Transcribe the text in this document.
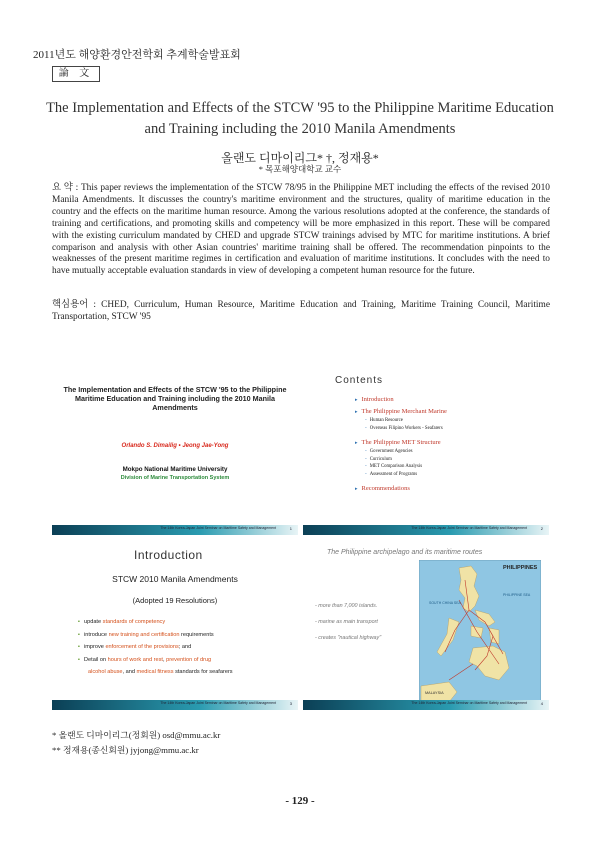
2011년도 해양환경안전학회 추계학술발표회
論 文
The Implementation and Effects of the STCW '95 to the Philippine Maritime Education and Training including the 2010 Manila Amendments
올랜도 디마이리그* †, 정재용*
* 목포해양대학교 교수
요 약 : This paper reviews the implementation of the STCW 78/95 in the Philippine MET including the effects of the revised 2010 Manila Amendments. It discusses the country's maritime environment and the structures, quality of maritime education in the country and the effects on the maritime human resource. Among the various resolutions adopted at the conference, the standards of training and certifications, and promoting skills and competency will be more emphasized in this report. These will be compared with the existing curriculum mandated by CHED and upgrade STCW trainings advised by MTC for maritime institutions. A brief comparison and analysis with other Asian countries' maritime training shall be offered. The recommendation pinpoints to the weaknesses of the present maritime regimes in certification and evaluation of maritime institutions. It concludes with the need to have mutually acceptable evaluation standards in view of developing a competent human resource for the future.
핵심용어 : CHED, Curriculum, Human Resource, Maritime Education and Training, Maritime Training Council, Maritime Transportation, STCW '95
The Implementation and Effects of the STCW '95 to the Philippine Maritime Education and Training including the 2010 Manila Amendments
Orlando S. Dimailig • Jeong Jae-Yong
Mokpo National Maritime University
Division of Marine Transportation System
The 14th Korea-Japan Joint Seminar on Maritime Safety and Management	1
Contents
▸ Introduction
▸ The Philippine Merchant Marine
◦ Human Resource
◦ Overseas Filipino Workers - Seafarers
▸ The Philippine MET Structure
◦ Government Agencies
◦ Curriculum
◦ MET Comparison Analysis
◦ Assessment of Programs
▸ Recommendations
The 14th Korea-Japan Joint Seminar on Maritime Safety and Management	2
Introduction
STCW 2010 Manila Amendments
(Adopted 19 Resolutions)
▪ update standards of competency
▪ introduce new training and certification requirements
▪ improve enforcement of the provisions; and
▪ Detail on hours of work and rest, prevention of drug
alcohol abuse, and medical fitness standards for seafarers
The 14th Korea-Japan Joint Seminar on Maritime Safety and Management	3
The Philippine archipelago and its maritime routes
- more than 7,000 islands.
- marine as main transport
- creates "nautical highway"
PHILIPPINES
SOUTH CHINA SEA
PHILIPPINE SEA
MALAYSIA
The 14th Korea-Japan Joint Seminar on Maritime Safety and Management	4
* 올랜도 디마이리그(정회원) osd@mmu.ac.kr
** 정재용(종신회원) jyjong@mmu.ac.kr
- 129 -
